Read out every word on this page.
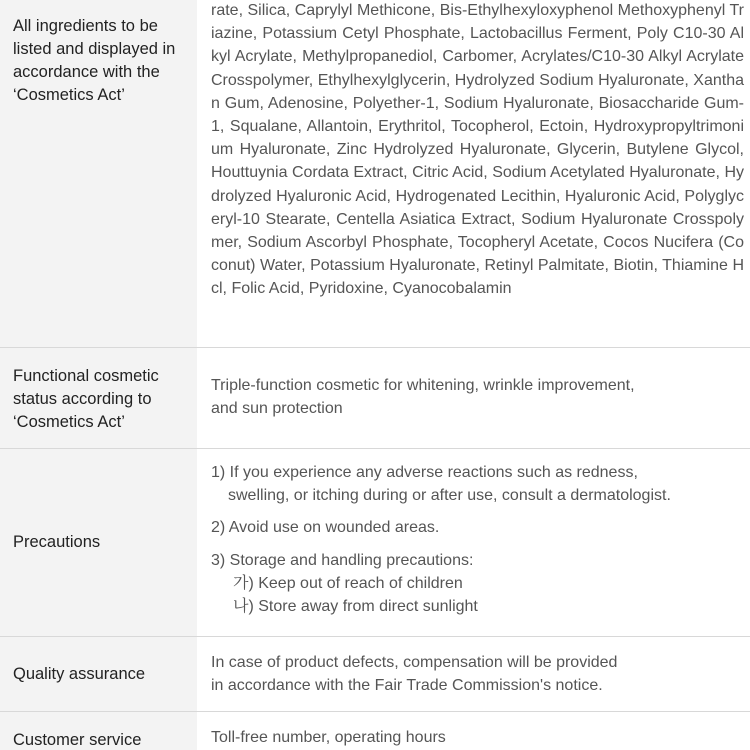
All ingredients to be listed and displayed in accordance with the ‘Cosmetics Act’
rate, Silica, Caprylyl Methicone, Bis-Ethylhexyloxyphenol Methoxyphenyl Triazine, Potassium Cetyl Phosphate, Lactobacillus Ferment, Poly C10-30 Alkyl Acrylate, Methylpropanediol, Carbomer, Acrylates/C10-30 Alkyl Acrylate Crosspolymer, Ethylhexylglycerin, Hydrolyzed Sodium Hyaluronate, Xanthan Gum, Adenosine, Polyether-1, Sodium Hyaluronate, Biosaccharide Gum-1, Squalane, Allantoin, Erythritol, Tocopherol, Ectoin, Hydroxypropyltrimonium Hyaluronate, Zinc Hydrolyzed Hyaluronate, Glycerin, Butylene Glycol, Houttuynia Cordata Extract, Citric Acid, Sodium Acetylated Hyaluronate, Hydrolyzed Hyaluronic Acid, Hydrogenated Lecithin, Hyaluronic Acid, Polyglyceryl-10 Stearate, Centella Asiatica Extract, Sodium Hyaluronate Crosspolymer, Sodium Ascorbyl Phosphate, Tocopheryl Acetate, Cocos Nucifera (Coconut) Water, Potassium Hyaluronate, Retinyl Palmitate, Biotin, Thiamine Hcl, Folic Acid, Pyridoxine, Cyanocobalamin
Functional cosmetic status according to ‘Cosmetics Act’
Triple-function cosmetic for whitening, wrinkle improvement,
and sun protection
Precautions

1) If you experience any adverse reactions such as redness,

swelling, or itching during or after use, consult a dermatologist.

2) Avoid use on wounded areas.

3) Storage and handling precautions:

가) Keep out of reach of children

나) Store away from direct sunlight

Quality assurance
In case of product defects, compensation will be provided
in accordance with the Fair Trade Commission's notice.
Customer service	Toll-free number, operating hours
